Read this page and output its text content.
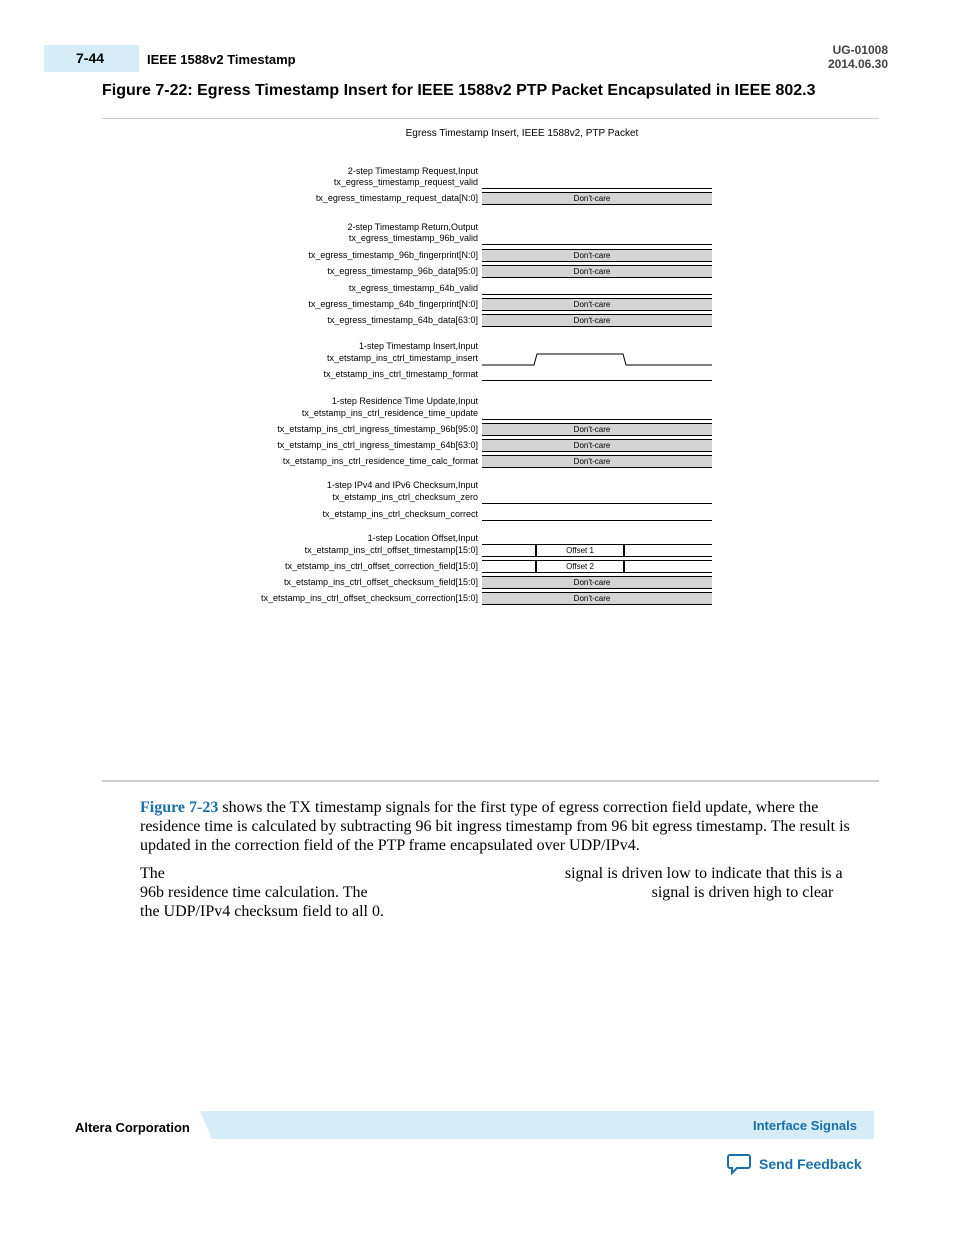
7-44	IEEE 1588v2 Timestamp
UG-01008
2014.06.30
Figure 7-22: Egress Timestamp Insert for IEEE 1588v2 PTP Packet Encapsulated in IEEE 802.3
Egress Timestamp Insert, IEEE 1588v2, PTP Packet
2-step Timestamp Request,Input
tx_egress_timestamp_request_valid
tx_egress_timestamp_request_data[N:0]	Don't-care
2-step Timestamp Return,Output
tx_egress_timestamp_96b_valid
tx_egress_timestamp_96b_fingerprint[N:0]	Don't-care
tx_egress_timestamp_96b_data[95:0]	Don't-care
tx_egress_timestamp_64b_valid
tx_egress_timestamp_64b_fingerprint[N:0]	Don't-care
tx_egress_timestamp_64b_data[63:0]	Don't-care
1-step Timestamp Insert,Input
tx_etstamp_ins_ctrl_timestamp_insert
tx_etstamp_ins_ctrl_timestamp_format
1-step Residence Time Update,Input
tx_etstamp_ins_ctrl_residence_time_update
tx_etstamp_ins_ctrl_ingress_timestamp_96b[95:0]	Don't-care
tx_etstamp_ins_ctrl_ingress_timestamp_64b[63:0]	Don't-care
tx_etstamp_ins_ctrl_residence_time_calc_format	Don't-care
1-step IPv4 and IPv6 Checksum,Input
tx_etstamp_ins_ctrl_checksum_zero
tx_etstamp_ins_ctrl_checksum_correct
1-step Location Offset,Input
tx_etstamp_ins_ctrl_offset_timestamp[15:0]	Offset 1
tx_etstamp_ins_ctrl_offset_correction_field[15:0]	Offset 2
tx_etstamp_ins_ctrl_offset_checksum_field[15:0]	Don't-care
tx_etstamp_ins_ctrl_offset_checksum_correction[15:0]	Don't-care
Figure 7-23 shows the TX timestamp signals for the first type of egress correction field update, where the residence time is calculated by subtracting 96 bit ingress timestamp from 96 bit egress timestamp. The result is updated in the correction field of the PTP frame encapsulated over UDP/IPv4.
The	signal is driven low to indicate that this is a
96b residence time calculation. The	signal is driven high to clear
the UDP/IPv4 checksum field to all 0.
Altera Corporation	Interface Signals
Send Feedback
